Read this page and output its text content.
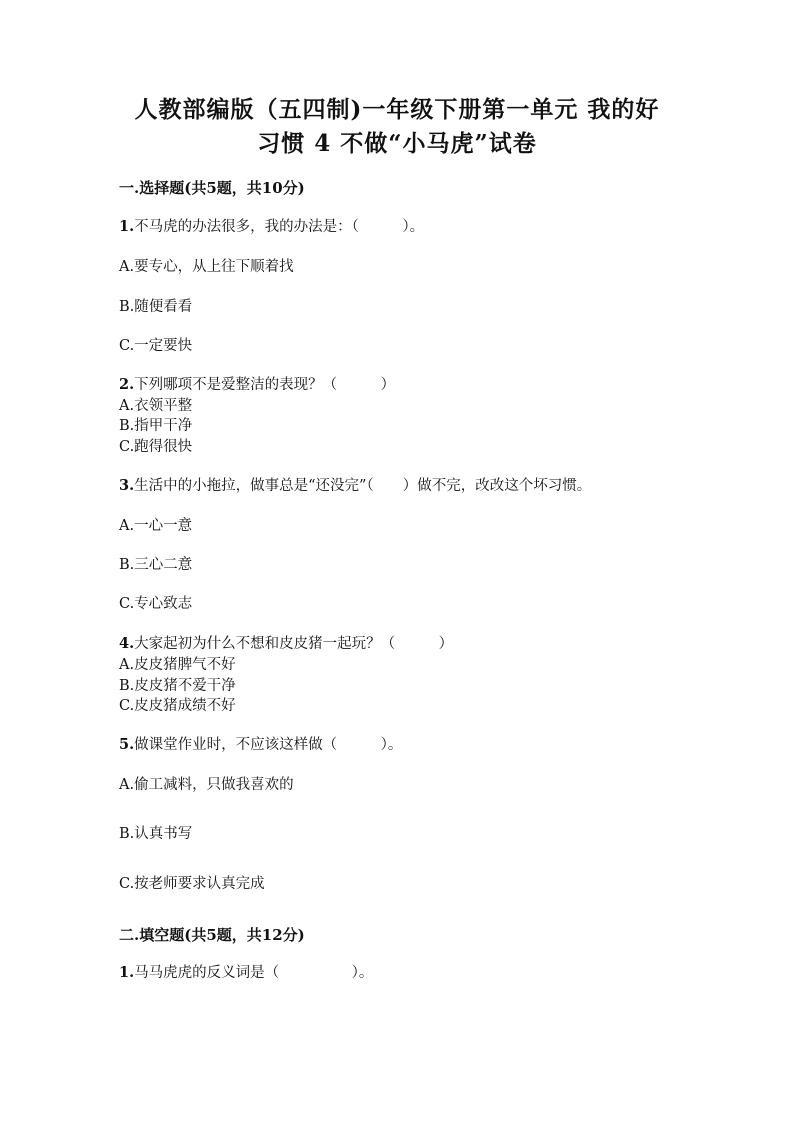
人教部编版（五四制)一年级下册第一单元 我的好
习惯 4 不做“小马虎”试卷
一.选择题(共5题，共10分)
1.不马虎的办法很多，我的办法是：（　　　）。
A.要专心，从上往下顺着找
B.随便看看
C.一定要快
2.下列哪项不是爱整洁的表现？（　　　）
A.衣领平整
B.指甲干净
C.跑得很快
3.生活中的小拖拉，做事总是“还没完”（　　）做不完，改改这个坏习惯。
A.一心一意
B.三心二意
C.专心致志
4.大家起初为什么不想和皮皮猪一起玩？（　　　）
A.皮皮猪脾气不好
B.皮皮猪不爱干净
C.皮皮猪成绩不好
5.做课堂作业时，不应该这样做（　　　）。
A.偷工减料，只做我喜欢的
B.认真书写
C.按老师要求认真完成
二.填空题(共5题，共12分)
1.马马虎虎的反义词是（　　　　　）。
